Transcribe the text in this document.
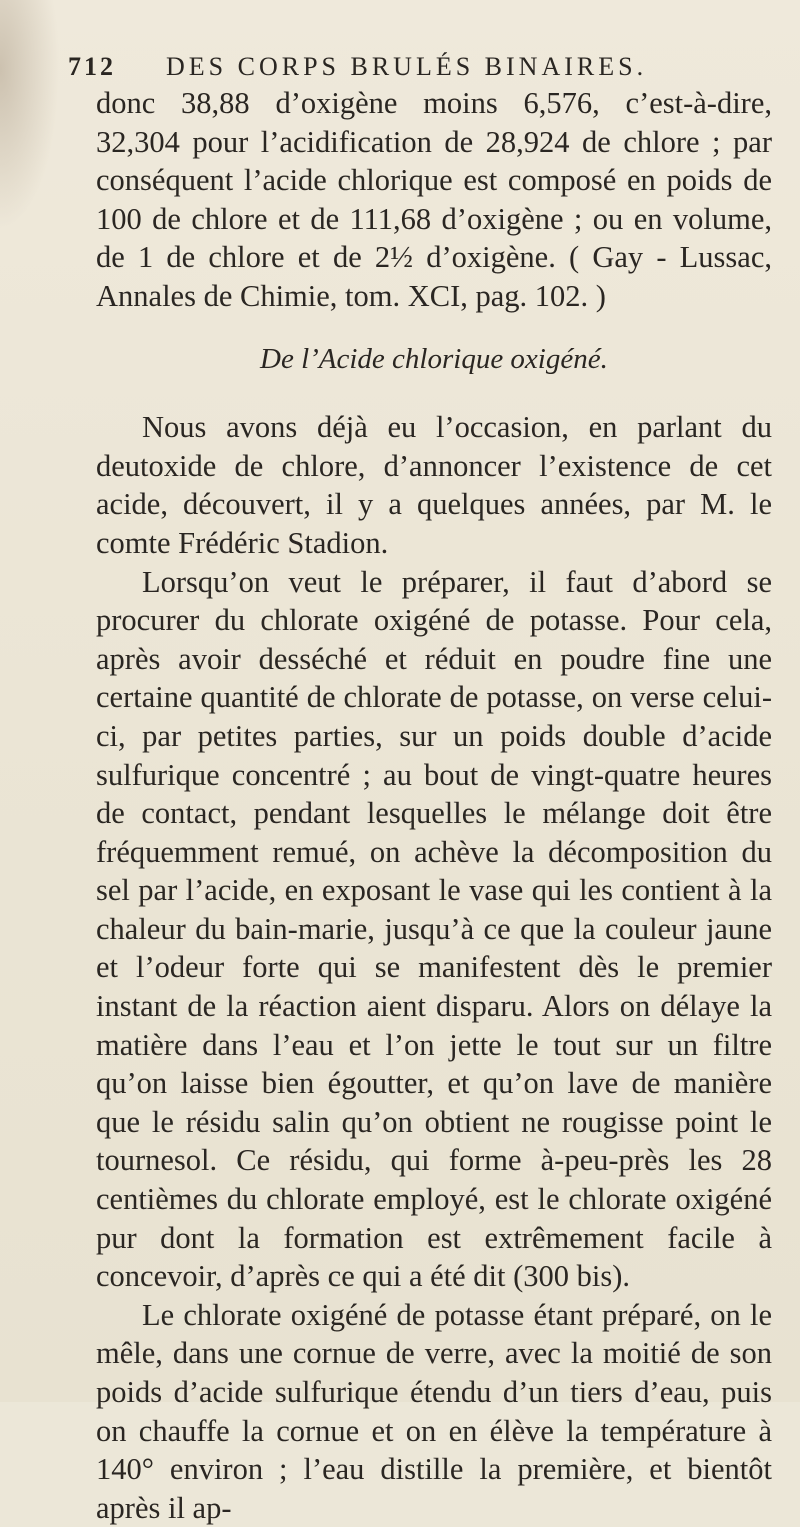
712 DES CORPS BRULÉS BINAIRES.

donc 38,88 d’oxigène moins 6,576, c’est-à-dire, 32,304 pour l’acidification de 28,924 de chlore ; par conséquent l’acide chlorique est composé en poids de 100 de chlore et de 111,68 d’oxigène ; ou en volume, de 1 de chlore et de 2½ d’oxigène. ( Gay - Lussac, Annales de Chimie, tom. XCI, pag. 102. )

De l’Acide chlorique oxigéné.

Nous avons déjà eu l’occasion, en parlant du deutoxide de chlore, d’annoncer l’existence de cet acide, découvert, il y a quelques années, par M. le comte Frédéric Stadion.

Lorsqu’on veut le préparer, il faut d’abord se procurer du chlorate oxigéné de potasse. Pour cela, après avoir desséché et réduit en poudre fine une certaine quantité de chlorate de potasse, on verse celui-ci, par petites parties, sur un poids double d’acide sulfurique concentré ; au bout de vingt-quatre heures de contact, pendant lesquelles le mélange doit être fréquemment remué, on achève la décomposition du sel par l’acide, en exposant le vase qui les contient à la chaleur du bain-marie, jusqu’à ce que la couleur jaune et l’odeur forte qui se manifestent dès le premier instant de la réaction aient disparu. Alors on délaye la matière dans l’eau et l’on jette le tout sur un filtre qu’on laisse bien égoutter, et qu’on lave de manière que le résidu salin qu’on obtient ne rougisse point le tournesol. Ce résidu, qui forme à-peu-près les 28 centièmes du chlorate employé, est le chlorate oxigéné pur dont la formation est extrêmement facile à concevoir, d’après ce qui a été dit (300 bis).

Le chlorate oxigéné de potasse étant préparé, on le mêle, dans une cornue de verre, avec la moitié de son poids d’acide sulfurique étendu d’un tiers d’eau, puis on chauffe la cornue et on en élève la température à 140° environ ; l’eau distille la première, et bientôt après il ap-
